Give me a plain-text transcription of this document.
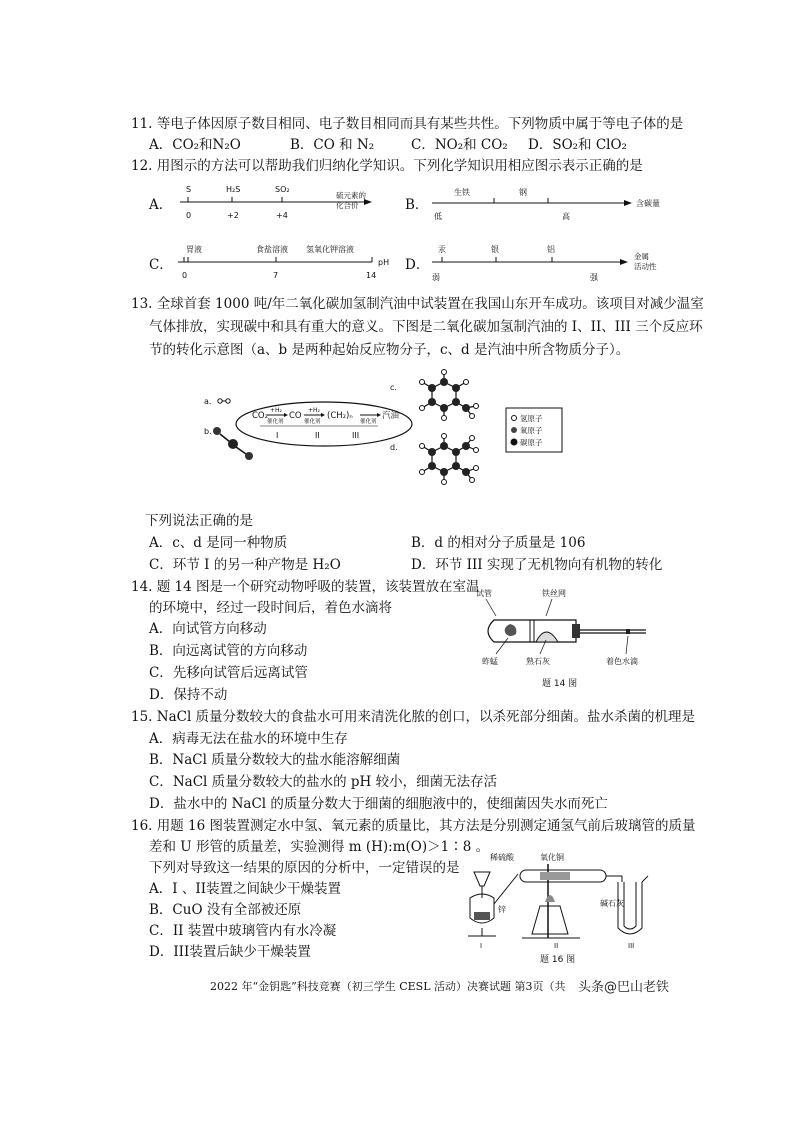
11. 等电子体因原子数目相同、电子数目相同而具有某些共性。下列物质中属于等电子体的是
A．CO₂和N₂O	B．CO 和 N₂	C．NO₂和 CO₂ D．SO₂和 ClO₂
12. 用图示的方法可以帮助我们归纳化学知识。下列化学知识用相应图示表示正确的是
A．
S	H₂S	SO₂
0	+2	+4
硫元素的
化合价	B．
生铁	钢
低	高
含碳量
C．
胃液	食盐溶液 氢氧化钾溶液
0	7	14
pH D．
汞	银	铝
弱	强
金属
活动性
13. 全球首套 1000 吨/年二氧化碳加氢制汽油中试装置在我国山东开车成功。该项目对减少温室
气体排放，实现碳中和具有重大的意义。下图是二氧化碳加氢制汽油的 I、II、III 三个反应环
节的转化示意图（a、b 是两种起始反应物分子，c、d 是汽油中所含物质分子）。
a.
b.
CO₂
+H₂
催化剂
CO
+H₂
催化剂
(CH₂)ₙ
催化剂
汽油
I	II	III
c.
d.
氢原子
氧原子
碳原子
下列说法正确的是
A．c、d 是同一种物质	B．d 的相对分子质量是 106
C．环节 I 的另一种产物是 H₂O	D．环节 III 实现了无机物向有机物的转化
14. 题 14 图是一个研究动物呼吸的装置，该装置放在室温
的环境中，经过一段时间后，着色水滴将
A．向试管方向移动
B．向远离试管的方向移动
C．先移向试管后远离试管
D．保持不动
试管	铁丝网
蚱蜢	熟石灰	着色水滴
题 14 图
15. NaCl 质量分数较大的食盐水可用来清洗化脓的创口，以杀死部分细菌。盐水杀菌的机理是
A．病毒无法在盐水的环境中生存
B．NaCl 质量分数较大的盐水能溶解细菌
C．NaCl 质量分数较大的盐水的 pH 较小，细菌无法存活
D．盐水中的 NaCl 的质量分数大于细菌的细胞液中的，使细菌因失水而死亡
16. 用题 16 图装置测定水中氢、氧元素的质量比，其方法是分别测定通氢气前后玻璃管的质量
差和 U 形管的质量差，实验测得 m (H):m(O)＞1∶8 。
下列对导致这一结果的原因的分析中，一定错误的是
A．I 、II装置之间缺少干燥装置
B．CuO 没有全部被还原
C．II 装置中玻璃管内有水冷凝
D．III装置后缺少干燥装置
稀硫酸
锌
I
氧化铜
II
碱石灰
III
题 16 图
2022 年“金钥匙”科技竞赛（初三学生 CESL 活动）决赛试题 第3页（共 头条@巴山老铁
